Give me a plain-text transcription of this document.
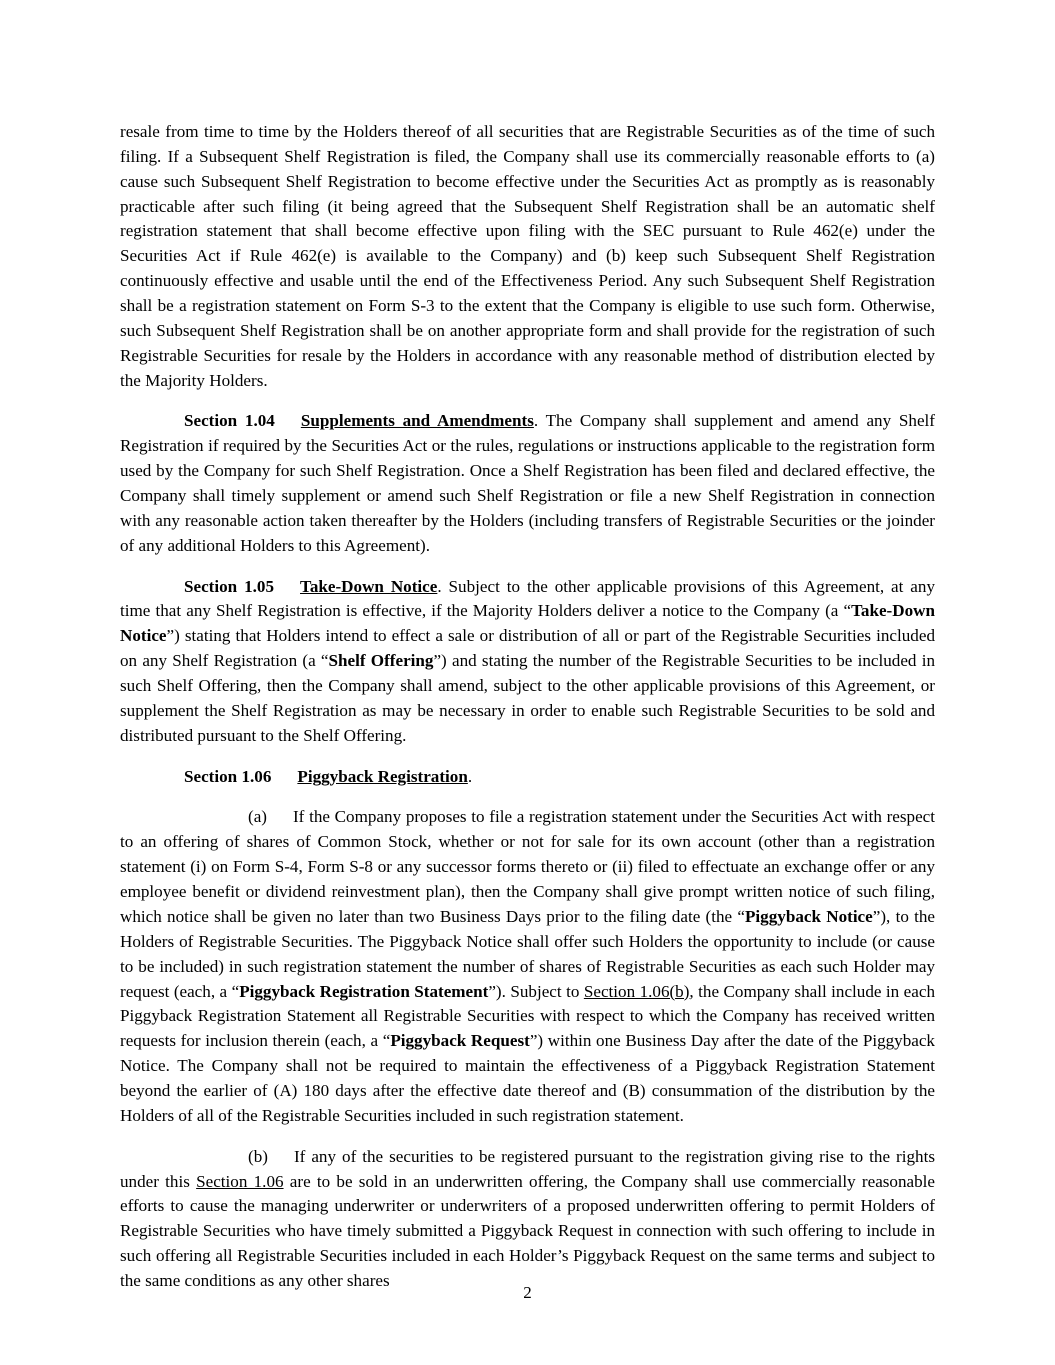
resale from time to time by the Holders thereof of all securities that are Registrable Securities as of the time of such filing. If a Subsequent Shelf Registration is filed, the Company shall use its commercially reasonable efforts to (a) cause such Subsequent Shelf Registration to become effective under the Securities Act as promptly as is reasonably practicable after such filing (it being agreed that the Subsequent Shelf Registration shall be an automatic shelf registration statement that shall become effective upon filing with the SEC pursuant to Rule 462(e) under the Securities Act if Rule 462(e) is available to the Company) and (b) keep such Subsequent Shelf Registration continuously effective and usable until the end of the Effectiveness Period. Any such Subsequent Shelf Registration shall be a registration statement on Form S-3 to the extent that the Company is eligible to use such form. Otherwise, such Subsequent Shelf Registration shall be on another appropriate form and shall provide for the registration of such Registrable Securities for resale by the Holders in accordance with any reasonable method of distribution elected by the Majority Holders.

Section 1.04 Supplements and Amendments. The Company shall supplement and amend any Shelf Registration if required by the Securities Act or the rules, regulations or instructions applicable to the registration form used by the Company for such Shelf Registration. Once a Shelf Registration has been filed and declared effective, the Company shall timely supplement or amend such Shelf Registration or file a new Shelf Registration in connection with any reasonable action taken thereafter by the Holders (including transfers of Registrable Securities or the joinder of any additional Holders to this Agreement).

Section 1.05 Take-Down Notice. Subject to the other applicable provisions of this Agreement, at any time that any Shelf Registration is effective, if the Majority Holders deliver a notice to the Company (a “Take-Down Notice”) stating that Holders intend to effect a sale or distribution of all or part of the Registrable Securities included on any Shelf Registration (a “Shelf Offering”) and stating the number of the Registrable Securities to be included in such Shelf Offering, then the Company shall amend, subject to the other applicable provisions of this Agreement, or supplement the Shelf Registration as may be necessary in order to enable such Registrable Securities to be sold and distributed pursuant to the Shelf Offering.

Section 1.06 Piggyback Registration.

(a) If the Company proposes to file a registration statement under the Securities Act with respect to an offering of shares of Common Stock, whether or not for sale for its own account (other than a registration statement (i) on Form S-4, Form S-8 or any successor forms thereto or (ii) filed to effectuate an exchange offer or any employee benefit or dividend reinvestment plan), then the Company shall give prompt written notice of such filing, which notice shall be given no later than two Business Days prior to the filing date (the “Piggyback Notice”), to the Holders of Registrable Securities. The Piggyback Notice shall offer such Holders the opportunity to include (or cause to be included) in such registration statement the number of shares of Registrable Securities as each such Holder may request (each, a “Piggyback Registration Statement”). Subject to Section 1.06(b), the Company shall include in each Piggyback Registration Statement all Registrable Securities with respect to which the Company has received written requests for inclusion therein (each, a “Piggyback Request”) within one Business Day after the date of the Piggyback Notice. The Company shall not be required to maintain the effectiveness of a Piggyback Registration Statement beyond the earlier of (A) 180 days after the effective date thereof and (B) consummation of the distribution by the Holders of all of the Registrable Securities included in such registration statement.

(b) If any of the securities to be registered pursuant to the registration giving rise to the rights under this Section 1.06 are to be sold in an underwritten offering, the Company shall use commercially reasonable efforts to cause the managing underwriter or underwriters of a proposed underwritten offering to permit Holders of Registrable Securities who have timely submitted a Piggyback Request in connection with such offering to include in such offering all Registrable Securities included in each Holder’s Piggyback Request on the same terms and subject to the same conditions as any other shares

2
